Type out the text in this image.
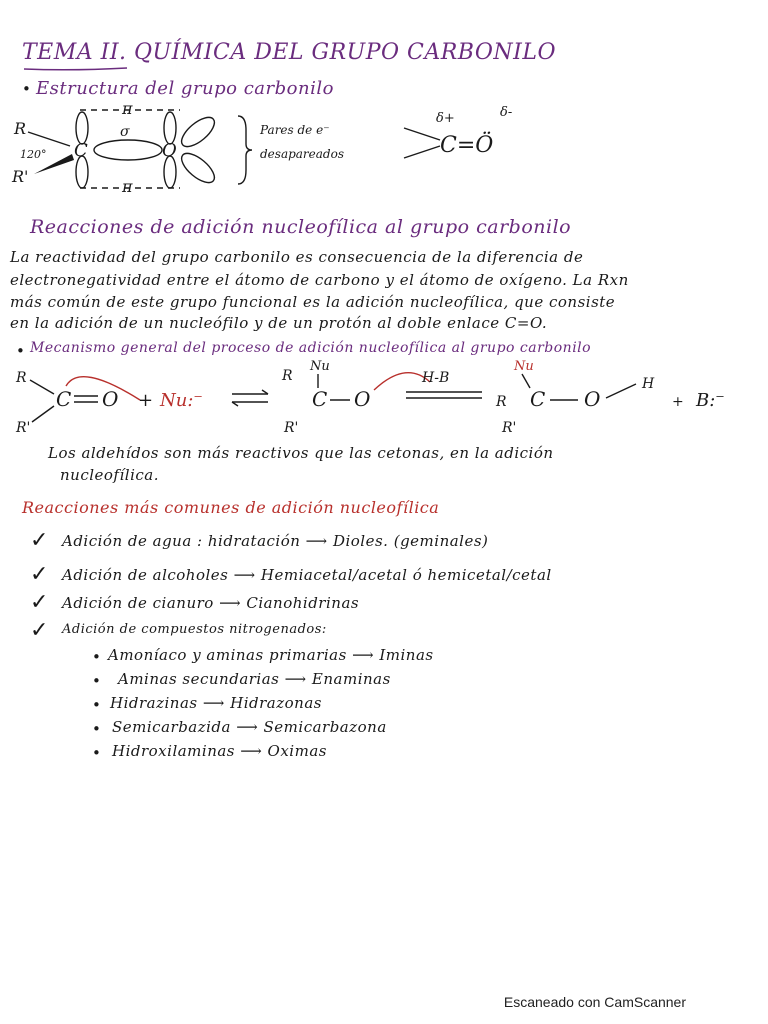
TEMA II. QUÍMICA DEL GRUPO CARBONILO
• Estructura del grupo carbonilo
π
π
σ
C	O
R
R'
120°
Pares de e⁻
desapareados	C=Ö
δ+	δ-
Reacciones de adición nucleofílica al grupo carbonilo
La reactividad del grupo carbonilo es consecuencia de la diferencia de
electronegatividad entre el átomo de carbono y el átomo de oxígeno. La Rxn
más común de este grupo funcional es la adición nucleofílica, que consiste
en la adición de un nucleófilo y de un protón al doble enlace C=O.
• Mecanismo general del proceso de adición nucleofílica al grupo carbonilo
R
R'
C O + Nu:⁻
Nu
R
R'
C O
H-B
Nu
R
R'
C O
H
+ B:⁻
Los aldehídos son más reactivos que las cetonas, en la adición
nucleofílica.
Reacciones más comunes de adición nucleofílica
✓ Adición de agua : hidratación ⟶ Dioles. (geminales)
✓ Adición de alcoholes ⟶ Hemiacetal/acetal ó hemicetal/cetal
✓ Adición de cianuro ⟶ Cianohidrinas
✓ Adición de compuestos nitrogenados:
• Amoníaco y aminas primarias ⟶ Iminas
• Aminas secundarias ⟶ Enaminas
• Hidrazinas ⟶ Hidrazonas
• Semicarbazida ⟶ Semicarbazona
• Hidroxilaminas ⟶ Oximas
Escaneado con CamScanner
